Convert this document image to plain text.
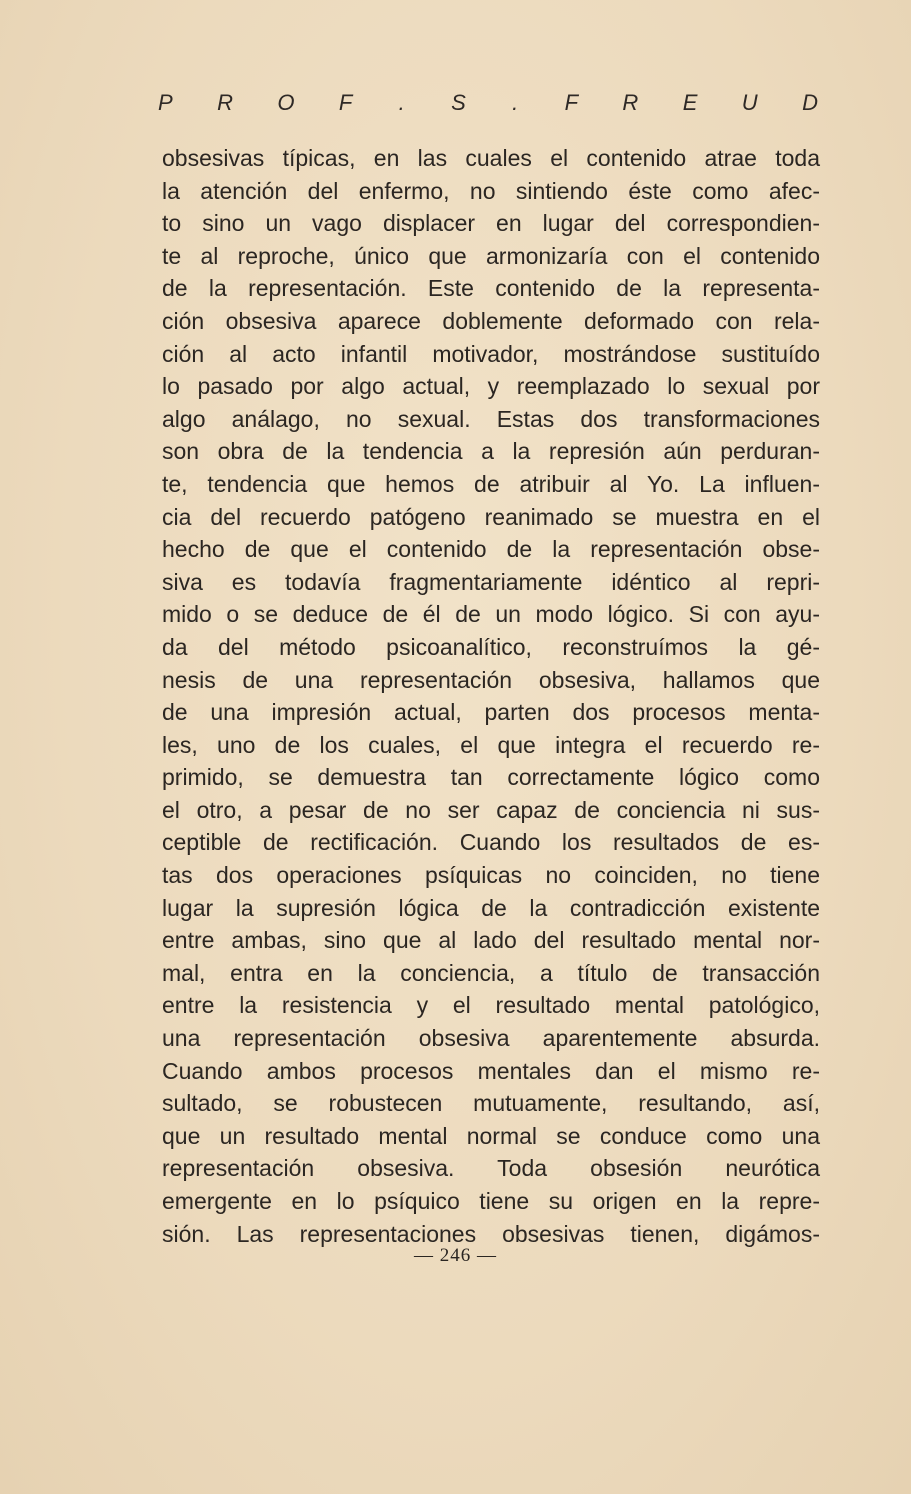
P R O F . S . F R E U D
obsesivas típicas, en las cuales el contenido atrae toda
la atención del enfermo, no sintiendo éste como afec-
to sino un vago displacer en lugar del correspondien-
te al reproche, único que armonizaría con el contenido
de la representación. Este contenido de la representa-
ción obsesiva aparece doblemente deformado con rela-
ción al acto infantil motivador, mostrándose sustituído
lo pasado por algo actual, y reemplazado lo sexual por
algo análago, no sexual. Estas dos transformaciones
son obra de la tendencia a la represión aún perduran-
te, tendencia que hemos de atribuir al Yo. La influen-
cia del recuerdo patógeno reanimado se muestra en el
hecho de que el contenido de la representación obse-
siva es todavía fragmentariamente idéntico al repri-
mido o se deduce de él de un modo lógico. Si con ayu-
da del método psicoanalítico, reconstruímos la gé-
nesis de una representación obsesiva, hallamos que
de una impresión actual, parten dos procesos menta-
les, uno de los cuales, el que integra el recuerdo re-
primido, se demuestra tan correctamente lógico como
el otro, a pesar de no ser capaz de conciencia ni sus-
ceptible de rectificación. Cuando los resultados de es-
tas dos operaciones psíquicas no coinciden, no tiene
lugar la supresión lógica de la contradicción existente
entre ambas, sino que al lado del resultado mental nor-
mal, entra en la conciencia, a título de transacción
entre la resistencia y el resultado mental patológico,
una representación obsesiva aparentemente absurda.
Cuando ambos procesos mentales dan el mismo re-
sultado, se robustecen mutuamente, resultando, así,
que un resultado mental normal se conduce como una
representación obsesiva. Toda obsesión neurótica
emergente en lo psíquico tiene su origen en la repre-
sión. Las representaciones obsesivas tienen, digámos-
— 246 —
